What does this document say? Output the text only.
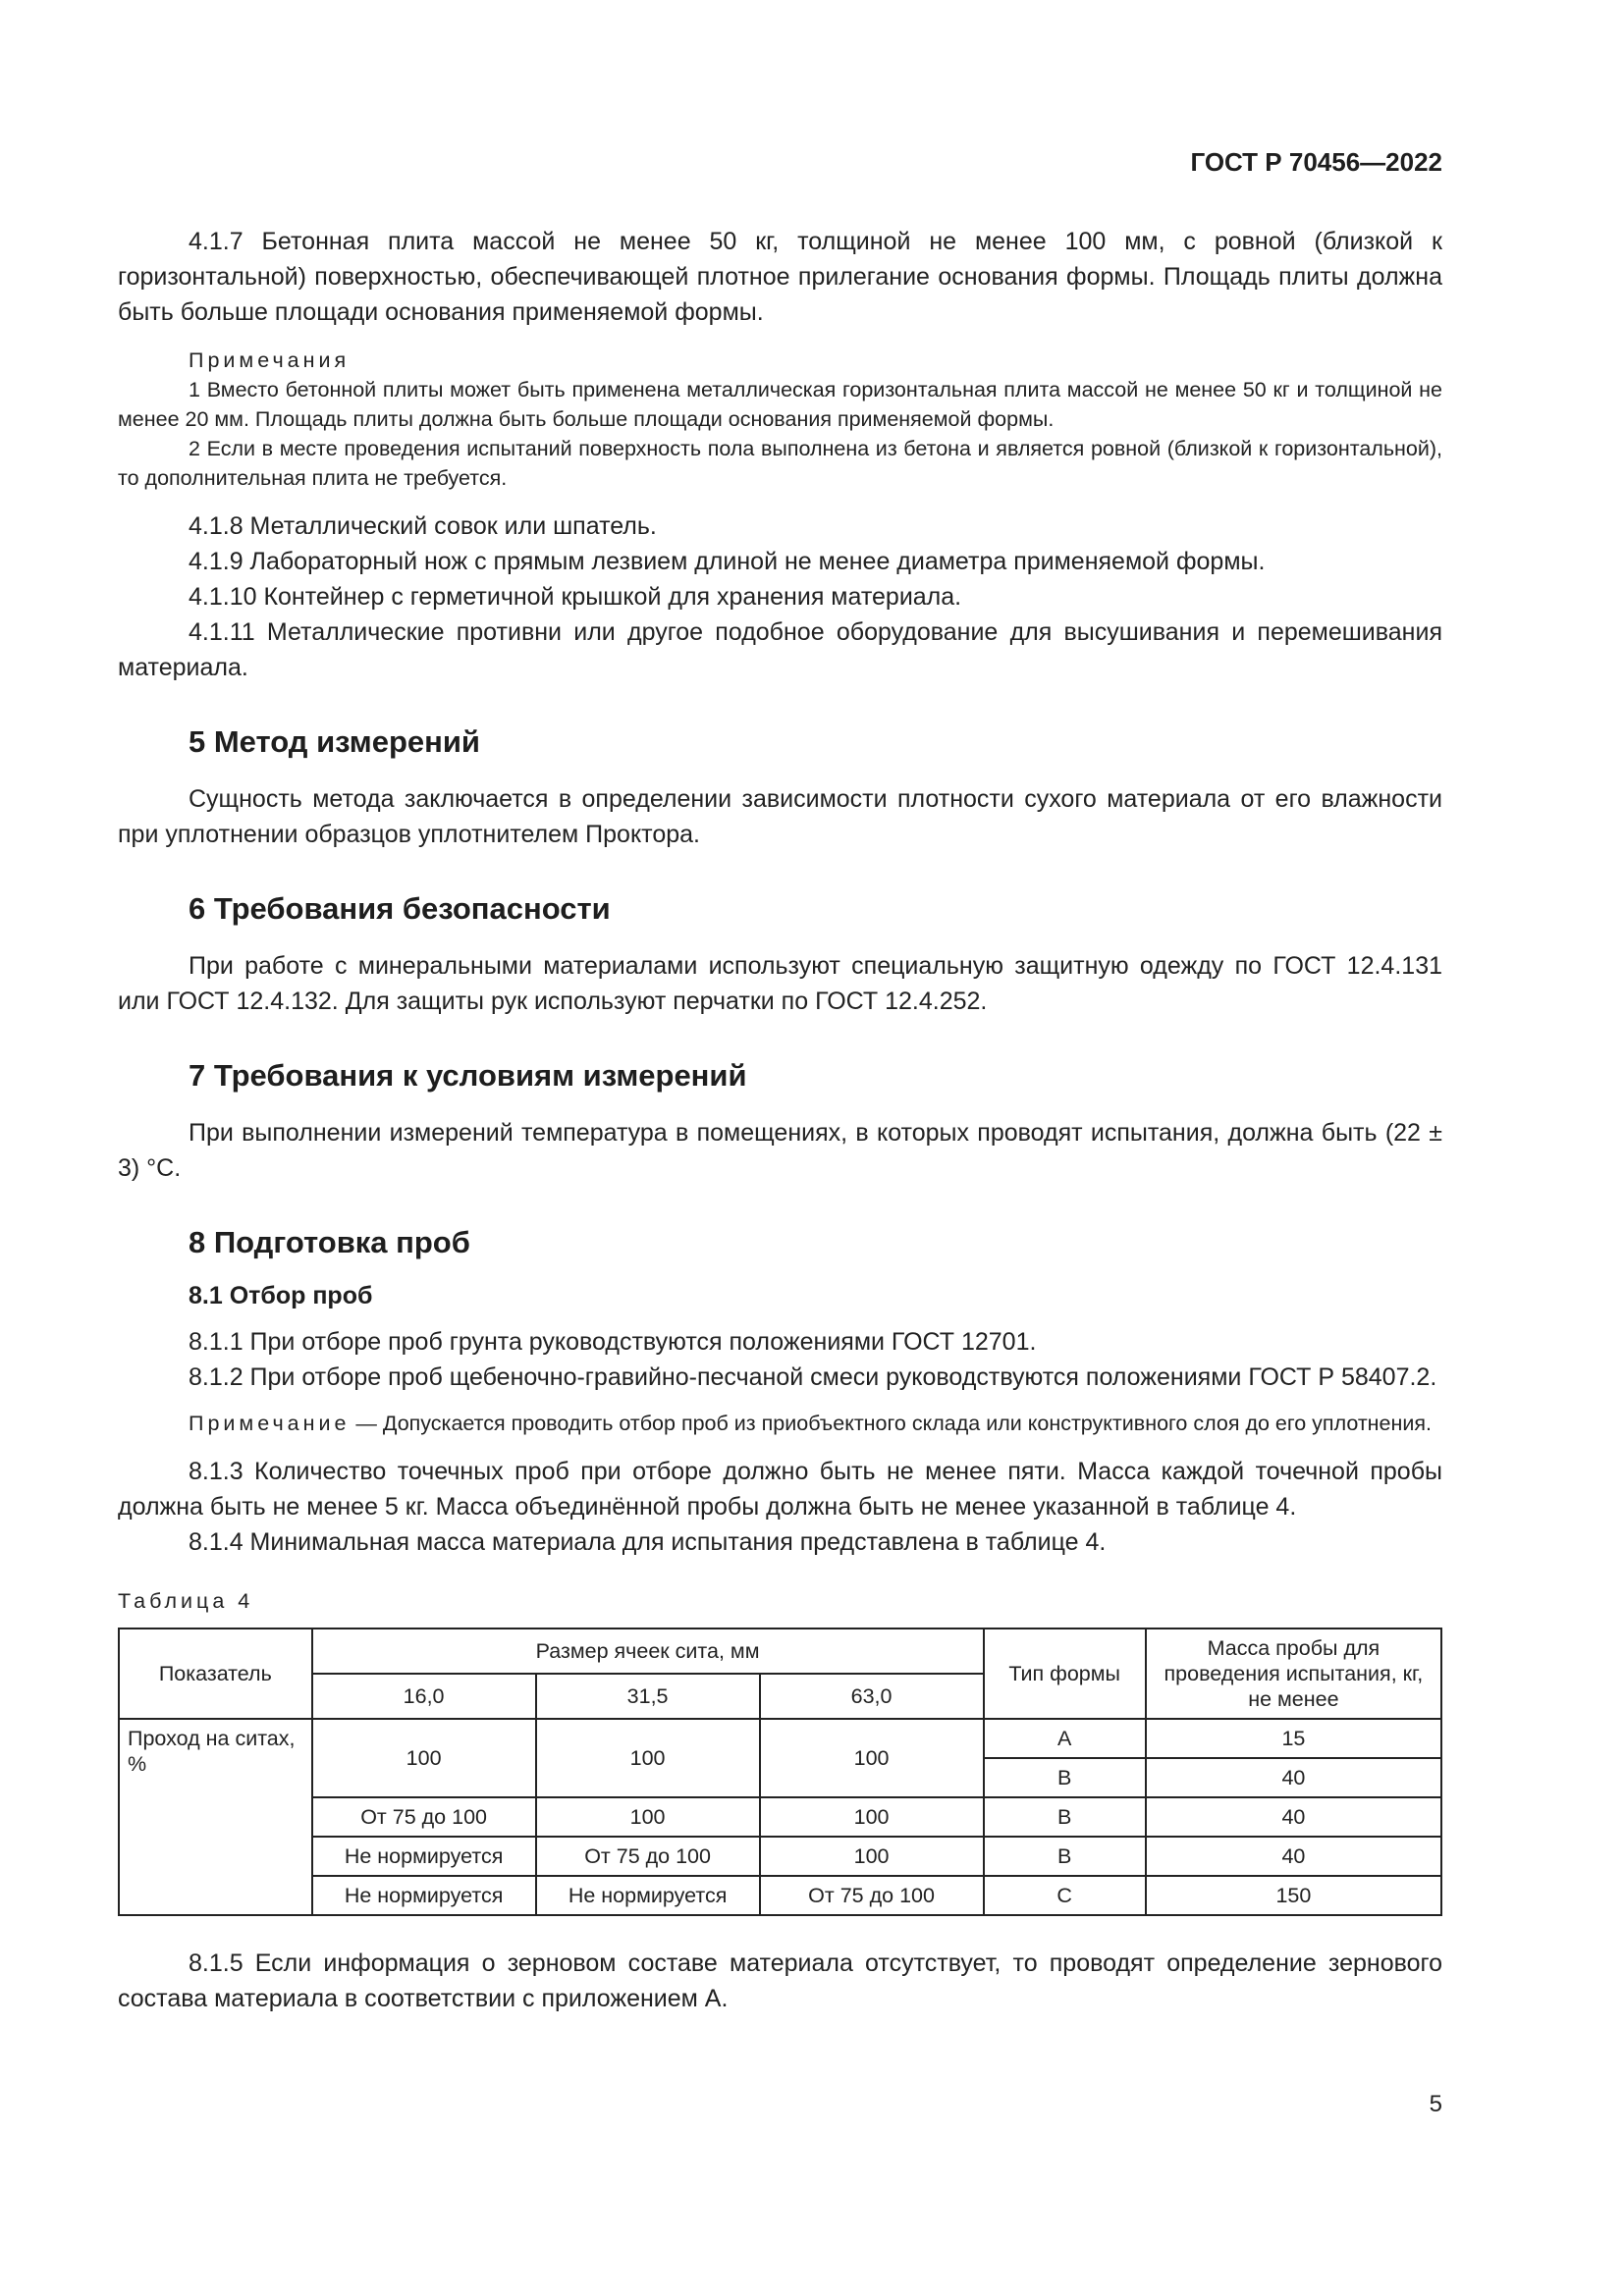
ГОСТ Р 70456—2022

4.1.7 Бетонная плита массой не менее 50 кг, толщиной не менее 100 мм, с ровной (близкой к горизонтальной) поверхностью, обеспечивающей плотное прилегание основания формы. Площадь плиты должна быть больше площади основания применяемой формы.

Примечания

1 Вместо бетонной плиты может быть применена металлическая горизонтальная плита массой не менее 50 кг и толщиной не менее 20 мм. Площадь плиты должна быть больше площади основания применяемой формы.

2 Если в месте проведения испытаний поверхность пола выполнена из бетона и является ровной (близкой к горизонтальной), то дополнительная плита не требуется.

4.1.8 Металлический совок или шпатель.

4.1.9 Лабораторный нож с прямым лезвием длиной не менее диаметра применяемой формы.

4.1.10 Контейнер с герметичной крышкой для хранения материала.

4.1.11 Металлические противни или другое подобное оборудование для высушивания и перемешивания материала.

5 Метод измерений

Сущность метода заключается в определении зависимости плотности сухого материала от его влажности при уплотнении образцов уплотнителем Проктора.

6 Требования безопасности

При работе с минеральными материалами используют специальную защитную одежду по ГОСТ 12.4.131 или ГОСТ 12.4.132. Для защиты рук используют перчатки по ГОСТ 12.4.252.

7 Требования к условиям измерений

При выполнении измерений температура в помещениях, в которых проводят испытания, должна быть (22 ± 3) °С.

8 Подготовка проб
8.1 Отбор проб

8.1.1 При отборе проб грунта руководствуются положениями ГОСТ 12701.

8.1.2 При отборе проб щебеночно-гравийно-песчаной смеси руководствуются положениями ГОСТ Р 58407.2.

Примечание — Допускается проводить отбор проб из приобъектного склада или конструктивного слоя до его уплотнения.

8.1.3 Количество точечных проб при отборе должно быть не менее пяти. Масса каждой точечной пробы должна быть не менее 5 кг. Масса объединённой пробы должна быть не менее указанной в таблице 4.

8.1.4 Минимальная масса материала для испытания представлена в таблице 4.

Таблица 4
Показатель	Размер ячеек сита, мм			Тип формы	Массa пробы для проведения испытания, кг, не менее
	16,0	31,5	63,0		
Проход на ситах, %	100	100	100	А	15
				В	40
	От 75 до 100	100	100	В	40
	Не нормируется	От 75 до 100	100	В	40
	Не нормируется	Не нормируется	От 75 до 100	С	150

8.1.5 Если информация о зерновом составе материала отсутствует, то проводят определение зернового состава материала в соответствии с приложением А.

5
